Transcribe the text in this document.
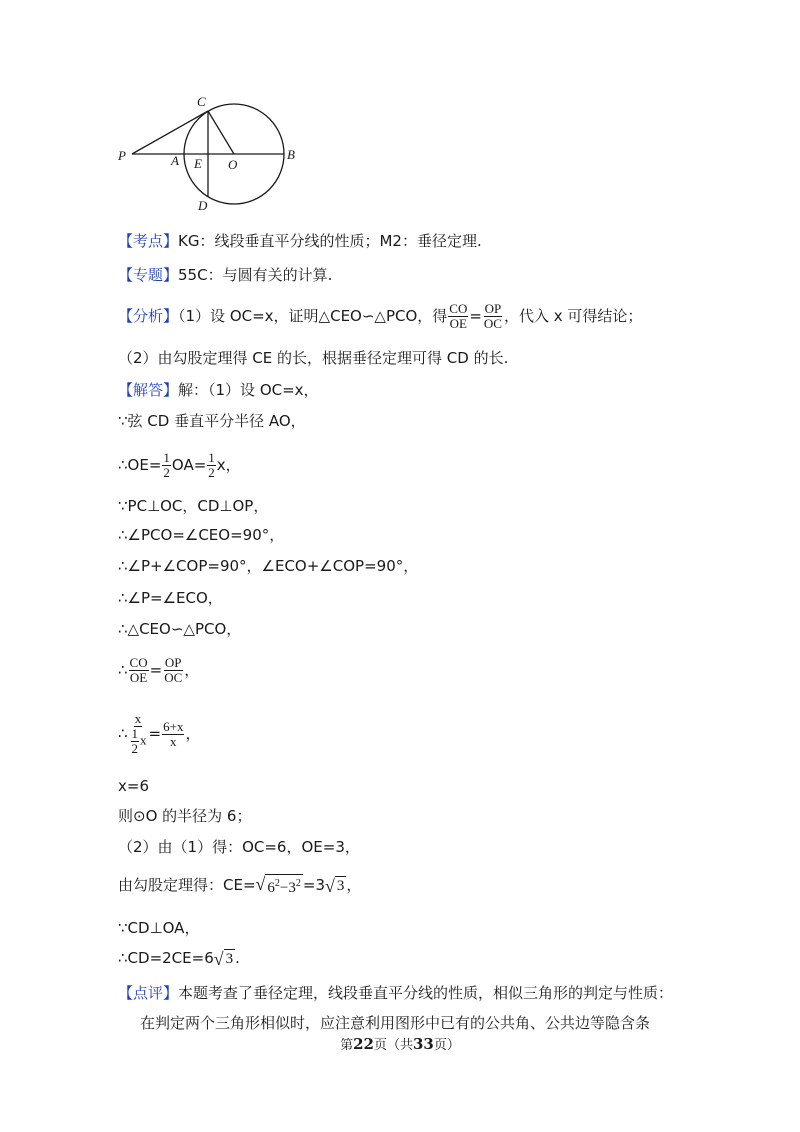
C
P	A E O
B
D
【考点】KG：线段垂直平分线的性质；M2：垂径定理.
【专题】55C：与圆有关的计算.
【分析】（1）设 OC=x，证明△CEO∽△PCO，得 $\frac{CO}{OE} = \frac{OP}{OC}$ ，代入 x 可得结论；
（2）由勾股定理得 CE 的长，根据垂径定理可得 CD 的长.
【解答】解：（1）设 OC=x，
∵弦 CD 垂直平分半径 AO，
∴OE= $\frac{1}{2} OA= \frac{1}{2}$ x，
∵PC⊥OC，CD⊥OP，
∴∠PCO=∠CEO=90°，
∴∠P+∠COP=90°，∠ECO+∠COP=90°，
∴∠P=∠ECO，
∴△CEO∽△PCO，
∴ $\frac{CO}{OE} = \frac{OP}{OC}$ ，
∴ $\frac{x}{\frac{1}{2} x} = \frac{6+x}{x}$ ，
x=6
则⊙O 的半径为 6；
（2）由（1）得：OC=6，OE=3，
由勾股定理得：CE= √ $6^2-3^2 =3$ √ 3 ，
∵CD⊥OA，
∴CD=2CE=6 √ 3 .
【点评】本题考查了垂径定理，线段垂直平分线的性质，相似三角形的判定与性质：
在判定两个三角形相似时，应注意利用图形中已有的公共角、公共边等隐含条
第22页（共33页）
